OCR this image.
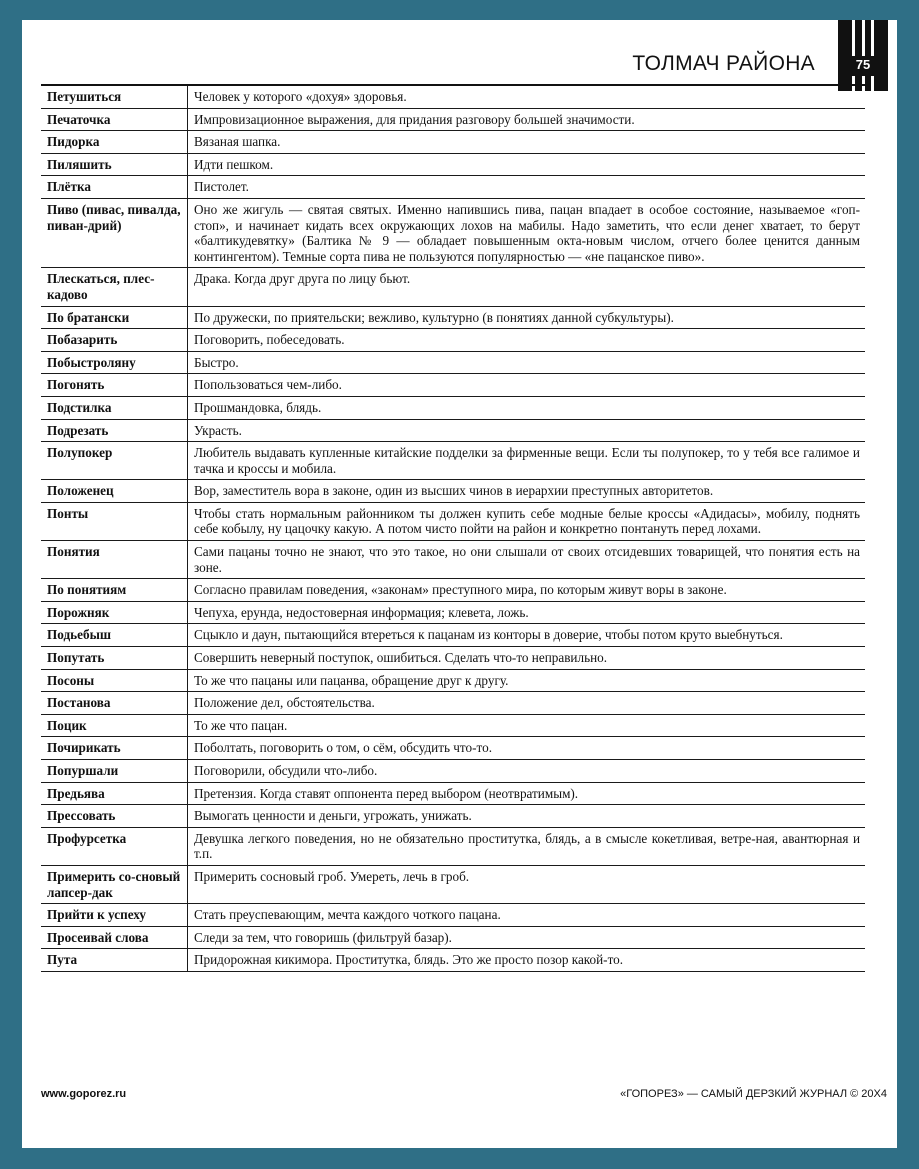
75
ТОЛМАЧ РАЙОНА
Петушиться	Человек у которого «дохуя» здоровья.
Печаточка	Импровизационное выражения, для придания разговору большей значимости.
Пидорка	Вязаная шапка.
Пиляшить	Идти пешком.
Плётка	Пистолет.
Пиво (пивас, пивалда, пиван-дрий)	Оно же жигуль — святая святых. Именно напившись пива, пацан впадает в особое состояние, называемое «гоп-стоп», и начинает кидать всех окружающих лохов на мабилы. Надо заметить, что если денег хватает, то берут «балтикудевятку» (Балтика № 9 — обладает повышенным окта-новым числом, отчего более ценится данным контингентом). Темные сорта пива не пользуются популярностью — «не пацанское пиво».
Плескаться, плес-кадово	Драка. Когда друг друга по лицу бьют.
По братански	По дружески, по приятельски; вежливо, культурно (в понятиях данной субкультуры).
Побазарить	Поговорить, побеседовать.
Побыстроляну	Быстро.
Погонять	Попользоваться чем-либо.
Подстилка	Прошмандовка, блядь.
Подрезать	Украсть.
Полупокер	Любитель выдавать купленные китайские подделки за фирменные вещи. Если ты полупокер, то у тебя все галимое и тачка и кроссы и мобила.
Положенец	Вор, заместитель вора в законе, один из высших чинов в иерархии преступных авторитетов.
Понты	Чтобы стать нормальным районником ты должен купить себе модные белые кроссы «Адидасы», мобилу, поднять себе кобылу, ну цацочку какую. А потом чисто пойти на район и конкретно понтануть перед лохами.
Понятия	Сами пацаны точно не знают, что это такое, но они слышали от своих отсидевших товарищей, что понятия есть на зоне.
По понятиям	Согласно правилам поведения, «законам» преступного мира, по которым живут воры в законе.
Порожняк	Чепуха, ерунда, недостоверная информация; клевета, ложь.
Подьебыш	Сцыкло и даун, пытающийся втереться к пацанам из конторы в доверие, чтобы потом круто выебнуться.
Попутать	Совершить неверный поступок, ошибиться. Сделать что-то неправильно.
Посоны	То же что пацаны или пацанва, обращение друг к другу.
Постанова	Положение дел, обстоятельства.
Поцик	То же что пацан.
Почирикать	Поболтать, поговорить о том, о сём, обсудить что-то.
Попуршали	Поговорили, обсудили что-либо.
Предьява	Претензия. Когда ставят оппонента перед выбором (неотвратимым).
Прессовать	Вымогать ценности и деньги, угрожать, унижать.
Профурсетка	Девушка легкого поведения, но не обязательно проститутка, блядь, а в смысле кокетливая, ветре-ная, авантюрная и т.п.
Примерить со-сновый лапсер-дак	Примерить сосновый гроб. Умереть, лечь в гроб.
Прийти к успеху	Стать преуспевающим, мечта каждого чоткого пацана.
Просеивай слова	Следи за тем, что говоришь (фильтруй базар).
Пута	Придорожная кикимора. Проститутка, блядь. Это же просто позор какой-то.
www.goporez.ru	«ГОПОРЕЗ» — САМЫЙ ДЕРЗКИЙ ЖУРНАЛ © 20Х4
